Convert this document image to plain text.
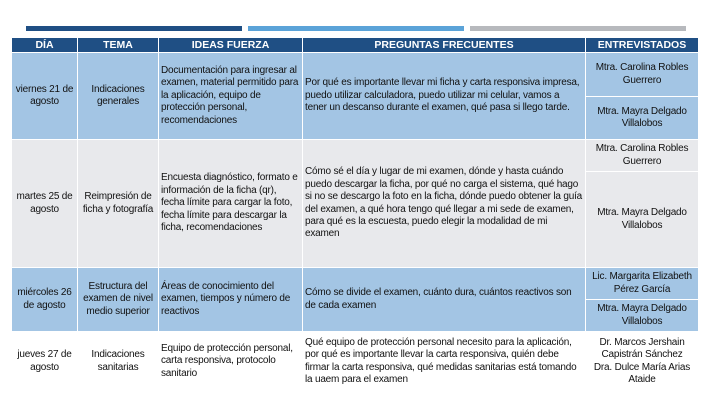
DÍA	TEMA	IDEAS FUERZA	PREGUNTAS FRECUENTES	ENTREVISTADOS
viernes 21 de agosto	Indicaciones generales	Documentación para ingresar al examen, material permitido para la aplicación, equipo de protección personal, recomendaciones	Por qué es importante llevar mi ficha y carta responsiva impresa, puedo utilizar calculadora, puedo utilizar mi celular, vamos a tener un descanso durante el examen, qué pasa si llego tarde.	Mtra. Carolina Robles Guerrero
				Mtra. Mayra Delgado Villalobos
martes 25 de agosto	Reimpresión de ficha y fotografía	Encuesta diagnóstico, formato e información de la ficha (qr), fecha límite para cargar la foto, fecha límite para descargar la ficha, recomendaciones	Cómo sé el día y lugar de mi examen, dónde y hasta cuándo puedo descargar la ficha, por qué no carga el sistema, qué hago si no se descargo la foto en la ficha, dónde puedo obtener la guía del examen, a qué hora tengo qué llegar a mi sede de examen, para qué es la escuesta, puedo elegir la modalidad de mi examen	Mtra. Carolina Robles Guerrero
				Mtra. Mayra Delgado Villalobos
miércoles 26 de agosto	Estructura del examen de nivel medio superior	Áreas de conocimiento del examen, tiempos y número de reactivos	Cómo se divide el examen, cuánto dura, cuántos reactivos son de cada examen	Lic. Margarita Elizabeth Pérez García
				Mtra. Mayra Delgado Villalobos
jueves 27 de agosto	Indicaciones sanitarias	Equipo de protección personal, carta responsiva, protocolo sanitario	Qué equipo de protección personal necesito para la aplicación, por qué es importante llevar la carta responsiva, quién debe firmar la carta responsiva, qué medidas sanitarias está tomando la uaem para el examen	Dr. Marcos Jershain Capistrán Sánchez
Dra. Dulce María Arias Ataide
